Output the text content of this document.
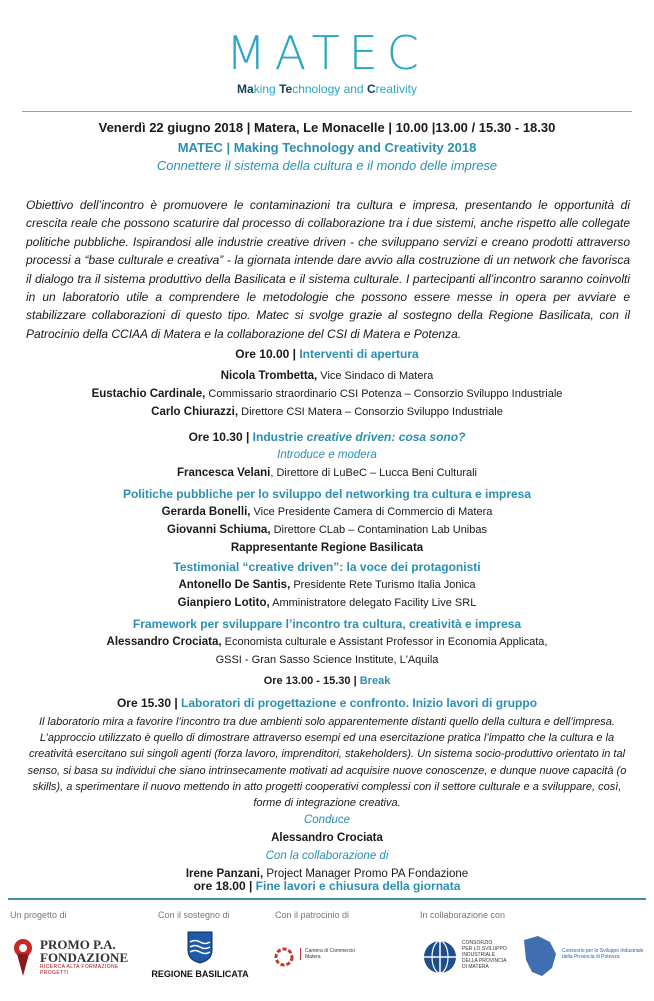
MATEC
Making Technology and Creativity
Venerdì 22 giugno 2018 | Matera, Le Monacelle | 10.00 |13.00 / 15.30 - 18.30
MATEC | Making Technology and Creativity 2018
Connettere il sistema della cultura e il mondo delle imprese
Obiettivo dell’incontro è promuovere le contaminazioni tra cultura e impresa, presentando le opportunità di crescita reale che possono scaturire dal processo di collaborazione tra i due sistemi, anche rispetto alle collegate politiche pubbliche. Ispirandosi alle industrie creative driven - che sviluppano servizi e creano prodotti attraverso processi a “base culturale e creativa” - la giornata intende dare avvio alla costruzione di un network che favorisca il dialogo tra il sistema produttivo della Basilicata e il sistema culturale. I partecipanti all’incontro saranno coinvolti in un laboratorio utile a comprendere le metodologie che possono essere messe in opera per avviare e stabilizzare collaborazioni di questo tipo. Matec si svolge grazie al sostegno della Regione Basilicata, con il Patrocinio della CCIAA di Matera e la collaborazione del CSI di Matera e Potenza.
Ore 10.00 | Interventi di apertura
Nicola Trombetta, Vice Sindaco di Matera
Eustachio Cardinale, Commissario straordinario CSI Potenza – Consorzio Sviluppo Industriale
Carlo Chiurazzi, Direttore CSI Matera – Consorzio Sviluppo Industriale
Ore 10.30 | Industrie creative driven: cosa sono?
Introduce e modera
Francesca Velani, Direttore di LuBeC – Lucca Beni Culturali
Politiche pubbliche per lo sviluppo del networking tra cultura e impresa
Gerarda Bonelli, Vice Presidente Camera di Commercio di Matera
Giovanni Schiuma, Direttore CLab – Contamination Lab Unibas
Rappresentante Regione Basilicata
Testimonial “creative driven”: la voce dei protagonisti
Antonello De Santis, Presidente Rete Turismo Italia Jonica
Gianpiero Lotito, Amministratore delegato Facility Live SRL
Framework per sviluppare l’incontro tra cultura, creatività e impresa
Alessandro Crociata, Economista culturale e Assistant Professor in Economia Applicata,
GSSI - Gran Sasso Science Institute, L'Aquila
Ore 13.00 - 15.30 | Break
Ore 15.30 | Laboratori di progettazione e confronto. Inizio lavori di gruppo
Il laboratorio mira a favorire l’incontro tra due ambienti solo apparentemente distanti quello della cultura e dell’impresa. L’approccio utilizzato è quello di dimostrare attraverso esempi ed una esercitazione pratica l’impatto che la cultura e la creatività esercitano sui singoli agenti (forza lavoro, imprenditori, stakeholders). Un sistema socio-produttivo orientato in tal senso, si basa su individui che siano intrinsecamente motivati ad acquisire nuove conoscenze, e dunque nuove capacità (o skills), a sperimentare il nuovo mettendo in atto progetti cooperativi complessi con il settore culturale e a sviluppare, così, forme di integrazione creativa.
Conduce
Alessandro Crociata
Con la collaborazione di
Irene Panzani, Project Manager Promo PA Fondazione
ore 18.00 | Fine lavori e chiusura della giornata
Un progetto di	Con il sostegno di	Con il patrocinio di	In collaborazione con
PROMO P.A.
FONDAZIONE
RICERCA ALTA FORMAZIONE PROGETTI	REGIONE BASILICATA
Camera di Commercio
Matera
CONSORZIO
PER LO SVILUPPO
INDUSTRIALE
DELLA PROVINCIA
DI MATERA
Consorzio per lo Sviluppo Industriale
della Provincia di Potenza
